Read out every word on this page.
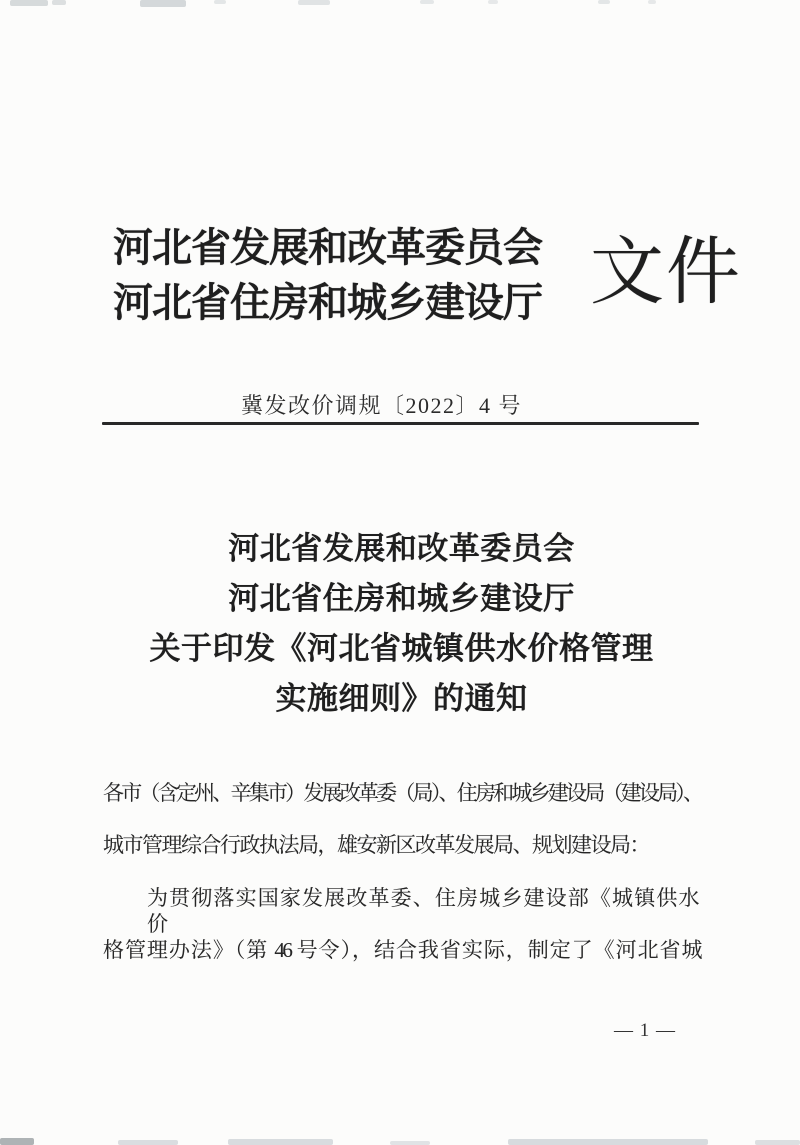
河北省发展和改革委员会
河北省住房和城乡建设厅 文件
冀发改价调规〔2022〕4 号
河北省发展和改革委员会
河北省住房和城乡建设厅
关于印发《河北省城镇供水价格管理
实施细则》的通知
各市（含定州、辛集市）发展改革委（局）、住房和城乡建设局（建设局）、
城市管理综合行政执法局，雄安新区改革发展局、规划建设局：
为贯彻落实国家发展改革委、住房城乡建设部《城镇供水价
格管理办法》（第 46 号令），结合我省实际，制定了《河北省城
— 1 —
